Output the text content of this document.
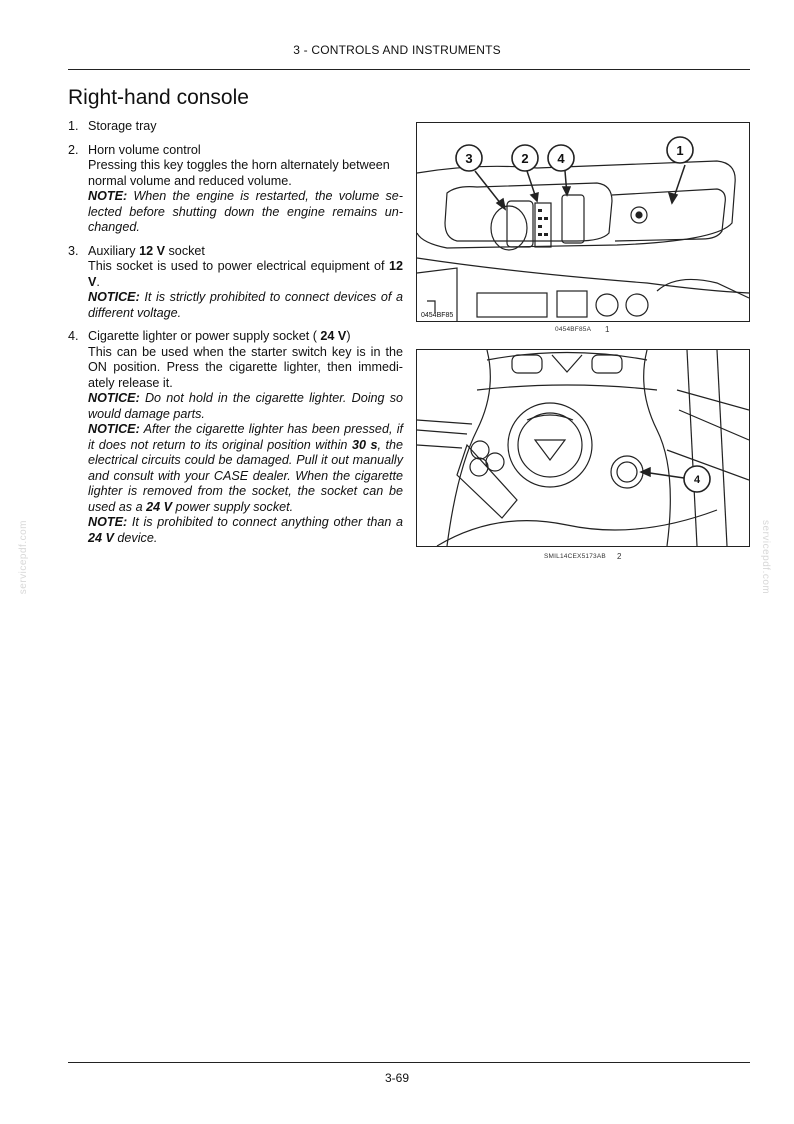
3 - CONTROLS AND INSTRUMENTS
Right-hand console
1. Storage tray

2. Horn volume control

Pressing this key toggles the horn alternately between normal volume and reduced volume.

NOTE: When the engine is restarted, the volume se-lected before shutting down the engine remains un-changed.

3. Auxiliary 12 V socket

This socket is used to power electrical equipment of 12 V.

NOTICE: It is strictly prohibited to connect devices of a different voltage.

4. Cigarette lighter or power supply socket ( 24 V)

This can be used when the starter switch key is in the ON position. Press the cigarette lighter, then immedi-ately release it.

NOTICE: Do not hold in the cigarette lighter. Doing so would damage parts.

NOTICE: After the cigarette lighter has been pressed, if it does not return to its original position within 30 s, the electrical circuits could be damaged. Pull it out manually and consult with your CASE dealer. When the cigarette lighter is removed from the socket, the socket can be used as a 24 V power supply socket.

NOTE: It is prohibited to connect anything other than a 24 V device.

3	2 4
1
0454BF85
0454BF85A 1
4
SMIL14CEX5173AB 2
servicepdf.com	servicepdf.com
3-69
